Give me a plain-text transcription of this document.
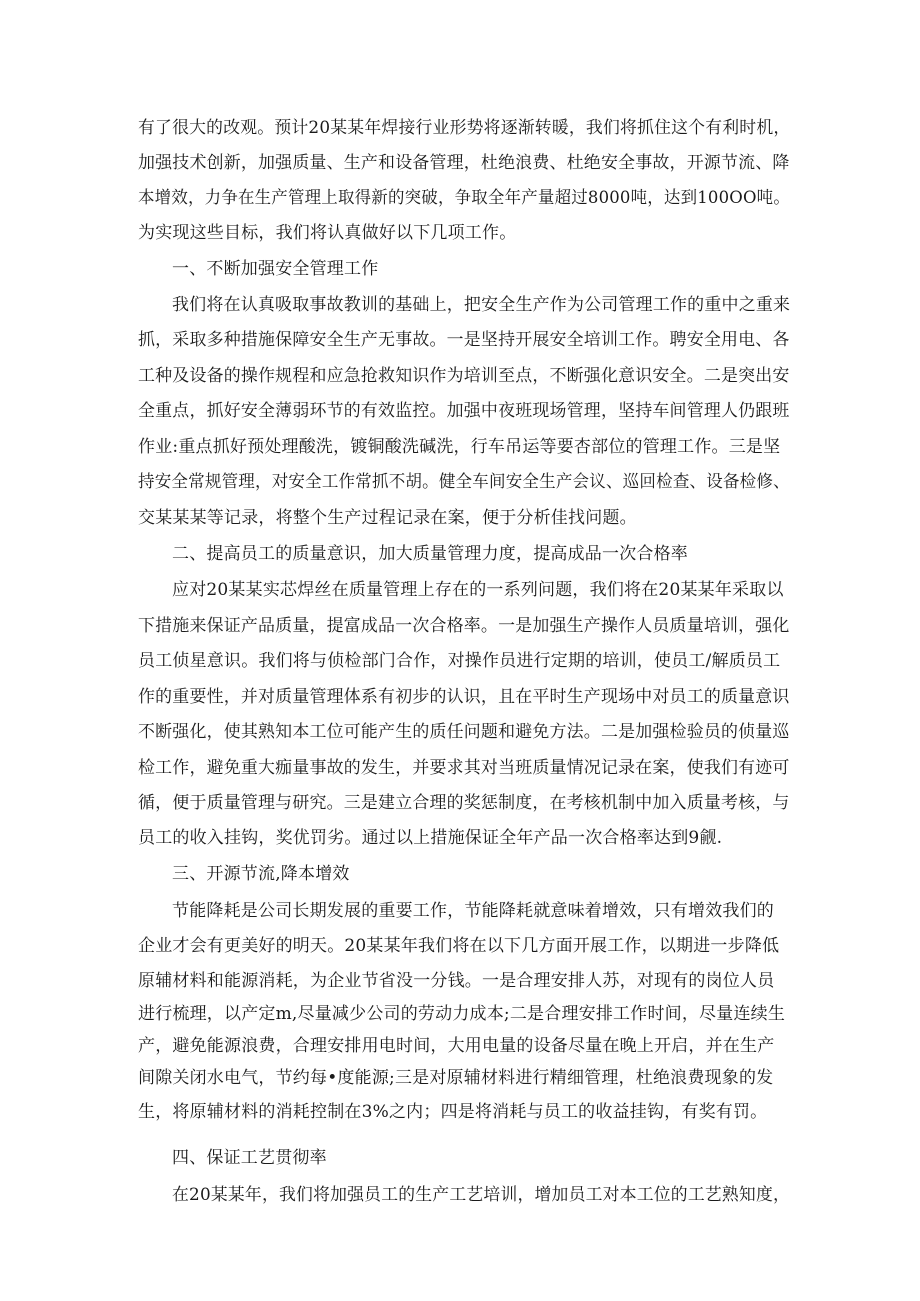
有了很大的改观。预计20某某年焊接行业形势将逐渐转暖，我们将抓住这个有利时机，
加强技术创新，加强质量、生产和设备管理，杜绝浪费、杜绝安全事故，开源节流、降
本增效，力争在生产管理上取得新的突破，争取全年产量超过8000吨，达到100OO吨。
为实现这些目标，我们将认真做好以下几项工作。
一、不断加强安全管理工作
我们将在认真吸取事故教训的基础上，把安全生产作为公司管理工作的重中之重来
抓，采取多种措施保障安全生产无事故。一是坚持开展安全培训工作。聘安全用电、各
工种及设备的操作规程和应急抢救知识作为培训至点，不断强化意识安全。二是突出安
全重点，抓好安全薄弱环节的有效监控。加强中夜班现场管理，坚持车间管理人仍跟班
作业:重点抓好预处理酸洗，镀铜酸洗碱洗，行车吊运等要杏部位的管理工作。三是坚
持安全常规管理，对安全工作常抓不胡。健全车间安全生产会议、巡回检查、设备检修、
交某某某等记录，将整个生产过程记录在案，便于分析佳找问题。
二、提高员工的质量意识，加大质量管理力度，提高成品一次合格率
应对20某某实芯焊丝在质量管理上存在的一系列问题，我们将在20某某年采取以
下措施来保证产品质量，提富成品一次合格率。一是加强生产操作人员质量培训，强化
员工侦星意识。我们将与侦检部门合作，对操作员进行定期的培训，使员工/解质员工
作的重要性，并对质量管理体系有初步的认识，且在平时生产现场中对员工的质量意识
不断强化，使其熟知本工位可能产生的质任问题和避免方法。二是加强检验员的侦量巡
检工作，避免重大痂量事故的发生，并要求其对当班质量情况记录在案，使我们有迹可
循，便于质量管理与研究。三是建立合理的奖惩制度，在考核机制中加入质量考核，与
员工的收入挂钩，奖优罚劣。通过以上措施保证全年产品一次合格率达到9觎.
三、开源节流,降本增效
节能降耗是公司长期发展的重要工作，节能降耗就意味着增效，只有增效我们的
企业才会有更美好的明天。20某某年我们将在以下几方面开展工作，以期进一步降低
原辅材料和能源消耗，为企业节省没一分钱。一是合理安排人苏，对现有的岗位人员
进行梳理，以产定m,尽量减少公司的劳动力成本;二是合理安排工作时间，尽量连续生
产，避免能源浪费，合理安排用电时间，大用电量的设备尽量在晚上开启，并在生产
间隙关闭水电气，节约每•度能源;三是对原辅材料进行精细管理，杜绝浪费现象的发
生，将原辅材料的消耗控制在3%之内；四是将消耗与员工的收益挂钩，有奖有罚。
四、保证工艺贯彻率
在20某某年，我们将加强员工的生产工艺培训，增加员工对本工位的工艺熟知度，
